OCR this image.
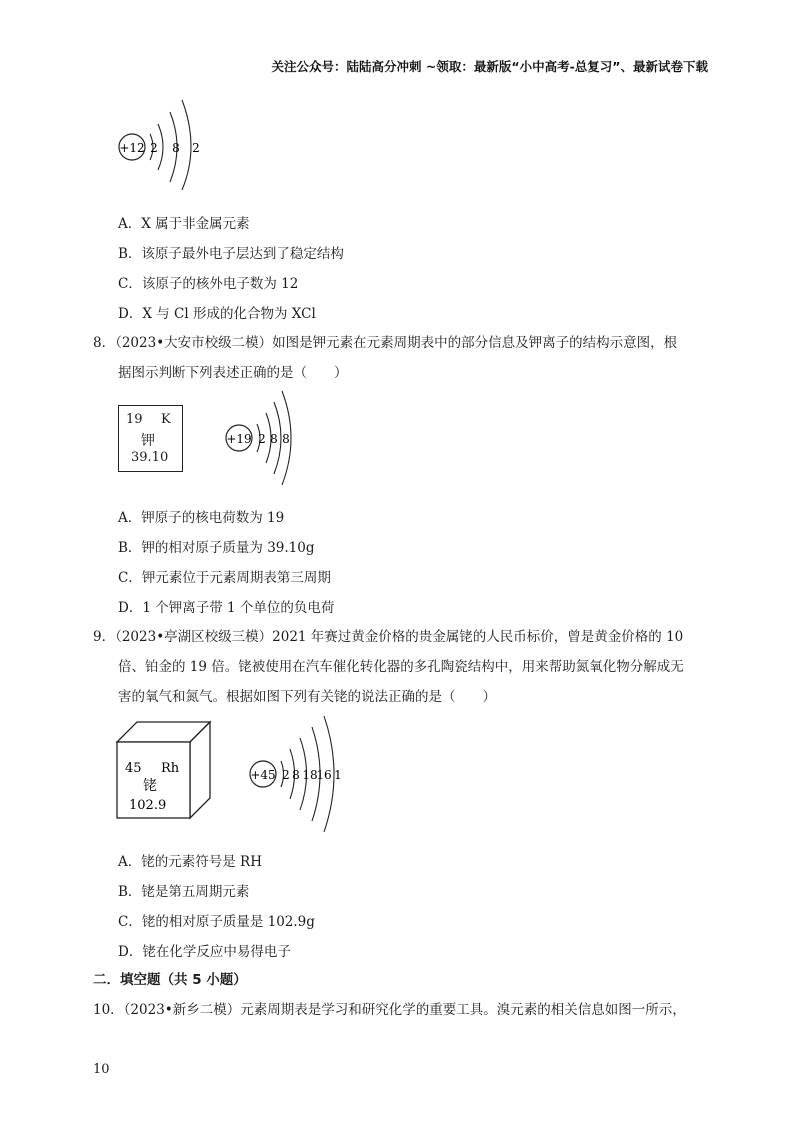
关注公众号：陆陆高分冲刺 ~领取：最新版“小中高考-总复习”、最新试卷下载
+12 2 8 2
A．X 属于非金属元素
B．该原子最外电子层达到了稳定结构
C．该原子的核外电子数为 12
D．X 与 Cl 形成的化合物为 XCl
8．（2023•大安市校级二模）如图是钾元素在元素周期表中的部分信息及钾离子的结构示意图，根
据图示判断下列表述正确的是（　　）
19 K
钾
39.10
+19 2 8 8
A．钾原子的核电荷数为 19
B．钾的相对原子质量为 39.10g
C．钾元素位于元素周期表第三周期
D．1 个钾离子带 1 个单位的负电荷
9．（2023•亭湖区校级三模）2021 年赛过黄金价格的贵金属铑的人民币标价，曾是黄金价格的 10
倍、铂金的 19 倍。铑被使用在汽车催化转化器的多孔陶瓷结构中，用来帮助氮氧化物分解成无
害的氧气和氮气。根据如图下列有关铑的说法正确的是（　　）
45 Rh
铑
102.9
+45 2 8 18
16 1
A．铑的元素符号是 RH
B．铑是第五周期元素
C．铑的相对原子质量是 102.9g
D．铑在化学反应中易得电子
二．填空题（共 5 小题）
10．（2023•新乡二模）元素周期表是学习和研究化学的重要工具。溴元素的相关信息如图一所示，
10
